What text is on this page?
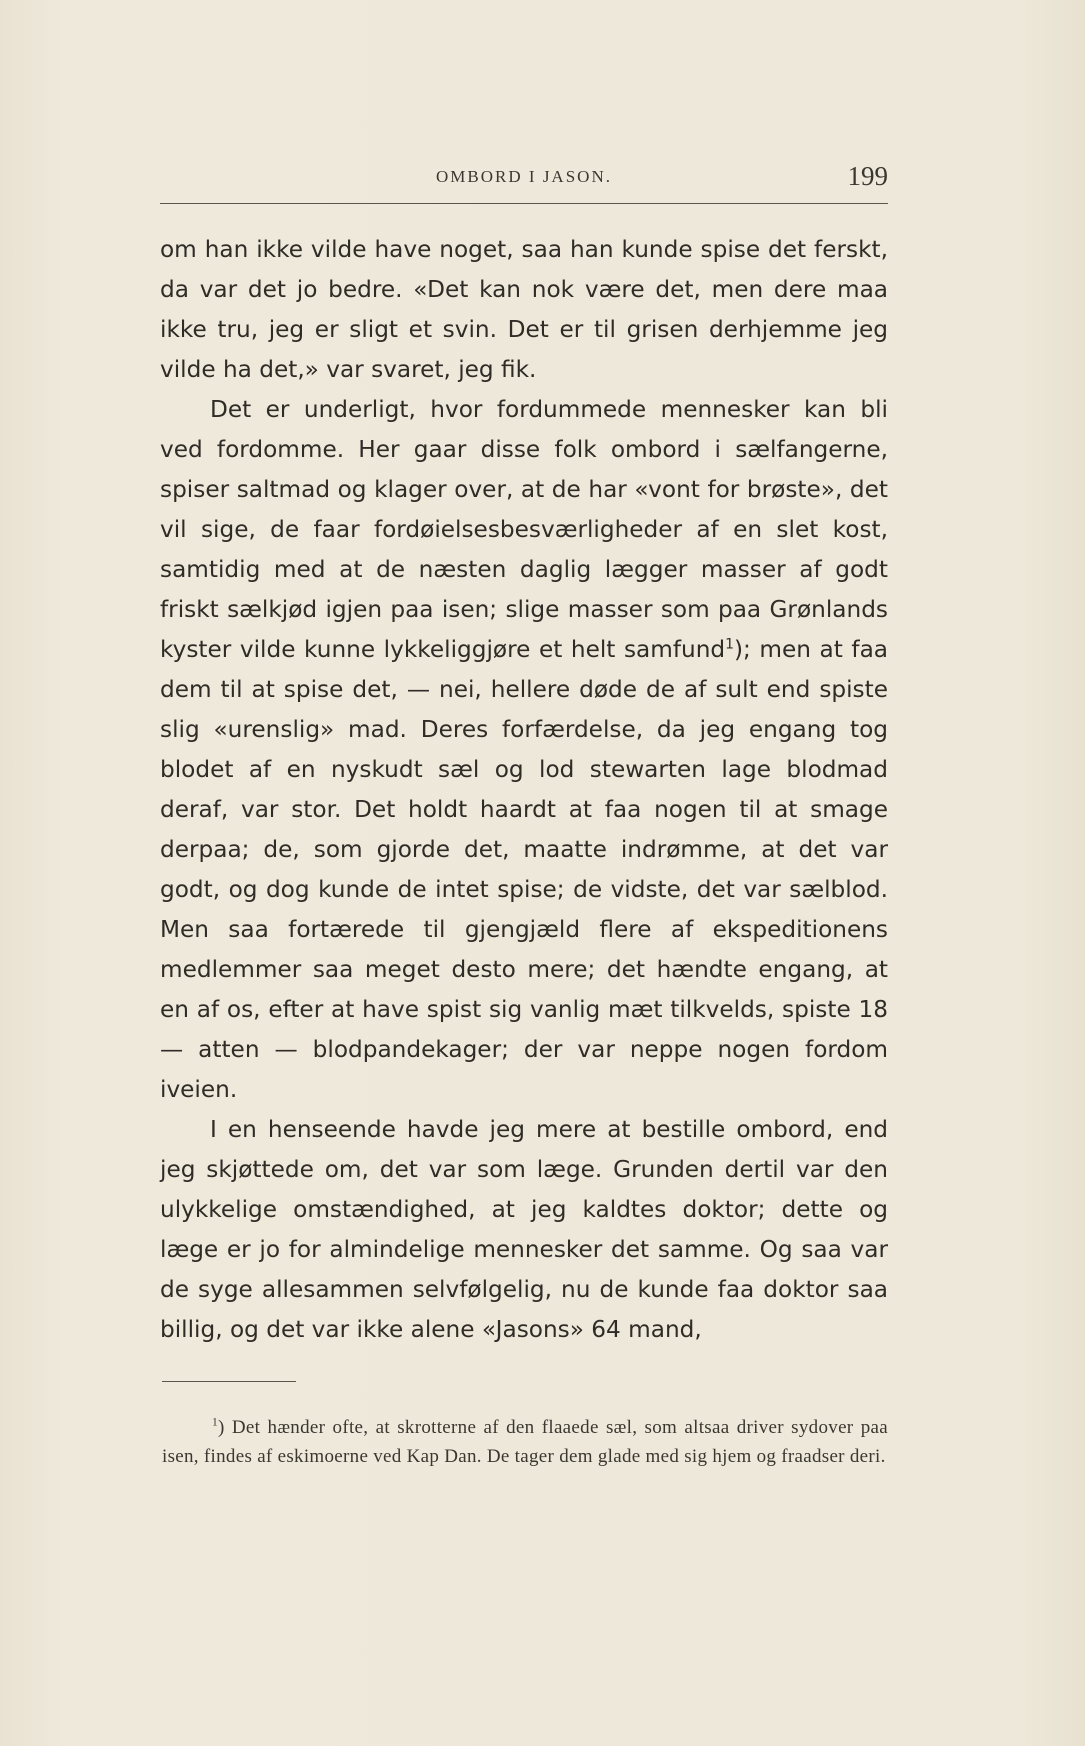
OMBORD I JASON.	199

om han ikke vilde have noget, saa han kunde spise det ferskt, da var det jo bedre. «Det kan nok være det, men dere maa ikke tru, jeg er sligt et svin. Det er til grisen derhjemme jeg vilde ha det,» var svaret, jeg fik.

Det er underligt, hvor fordummede mennesker kan bli ved fordomme. Her gaar disse folk ombord i sælfangerne, spiser saltmad og klager over, at de har «vont for brøste», det vil sige, de faar fordøielsesbesværligheder af en slet kost, samtidig med at de næsten daglig lægger masser af godt friskt sælkjød igjen paa isen; slige masser som paa Grønlands kyster vilde kunne lykkeliggjøre et helt samfund$^1$); men at faa dem til at spise det, — nei, hellere døde de af sult end spiste slig «urenslig» mad. Deres forfærdelse, da jeg engang tog blodet af en nyskudt sæl og lod stewarten lage blodmad deraf, var stor. Det holdt haardt at faa nogen til at smage derpaa; de, som gjorde det, maatte indrømme, at det var godt, og dog kunde de intet spise; de vidste, det var sælblod. Men saa fortærede til gjengjæld flere af ekspeditionens medlemmer saa meget desto mere; det hændte engang, at en af os, efter at have spist sig vanlig mæt tilkvelds, spiste 18 — atten — blodpandekager; der var neppe nogen fordom iveien.

I en henseende havde jeg mere at bestille ombord, end jeg skjøttede om, det var som læge. Grunden dertil var den ulykkelige omstændighed, at jeg kaldtes doktor; dette og læge er jo for almindelige mennesker det samme. Og saa var de syge allesammen selvfølgelig, nu de kunde faa doktor saa billig, og det var ikke alene «Jasons» 64 mand,

$^1$) Det hænder ofte, at skrotterne af den flaaede sæl, som altsaa driver sydover paa isen, findes af eskimoerne ved Kap Dan. De tager dem glade med sig hjem og fraadser deri.
